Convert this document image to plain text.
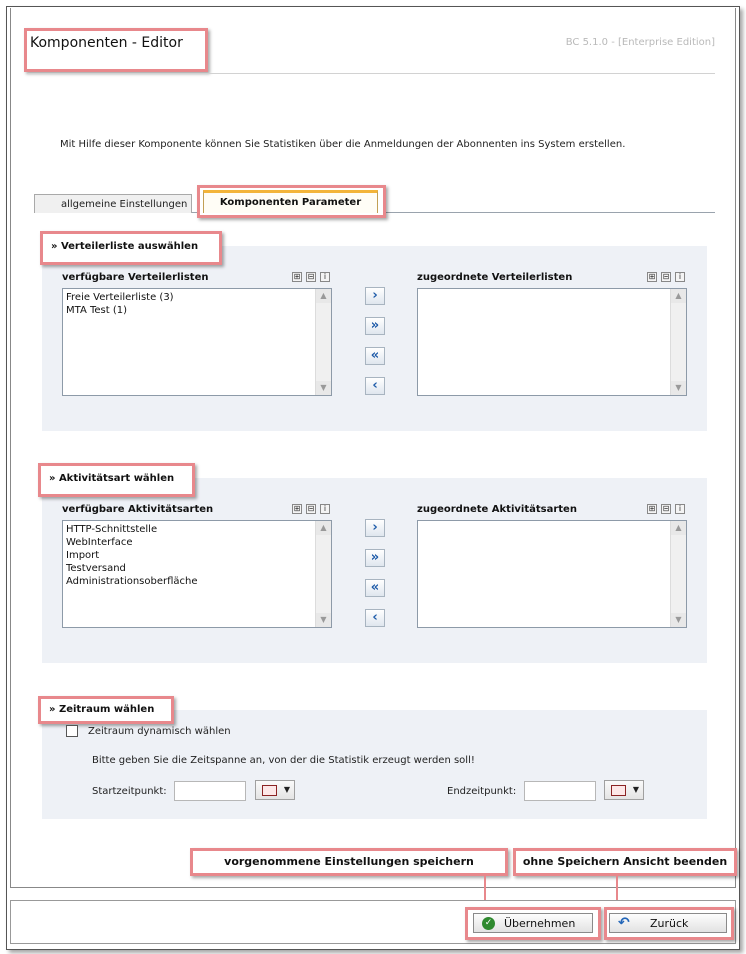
Komponenten - Editor	BC 5.1.0 - [Enterprise Edition]
Mit Hilfe dieser Komponente können Sie Statistiken über die Anmeldungen der Abonnenten ins System erstellen.
allgemeine Einstellungen	Komponenten Parameter
» Verteilerliste auswählen
verfügbare Verteilerlisten	⊞ ⊟	i
Freie Verteilerliste (3)
MTA Test (1)
▲
▼
›
»
«
‹
zugeordnete Verteilerlisten	⊞ ⊟	i
▲
▼
» Aktivitätsart wählen
verfügbare Aktivitätsarten	⊞ ⊟	i
HTTP-Schnittstelle
WebInterface
Import
Testversand
Administrationsoberfläche
▲
▼
›
»
«
‹
zugeordnete Aktivitätsarten	⊞ ⊟	i
▲
▼
» Zeitraum wählen
Zeitraum dynamisch wählen
Bitte geben Sie die Zeitspanne an, von der die Statistik erzeugt werden soll!
Startzeitpunkt:	▼	Endzeitpunkt:	▼
vorgenommene Einstellungen speichern	ohne Speichern Ansicht beenden
✓ Übernehmen	↶ Zurück
